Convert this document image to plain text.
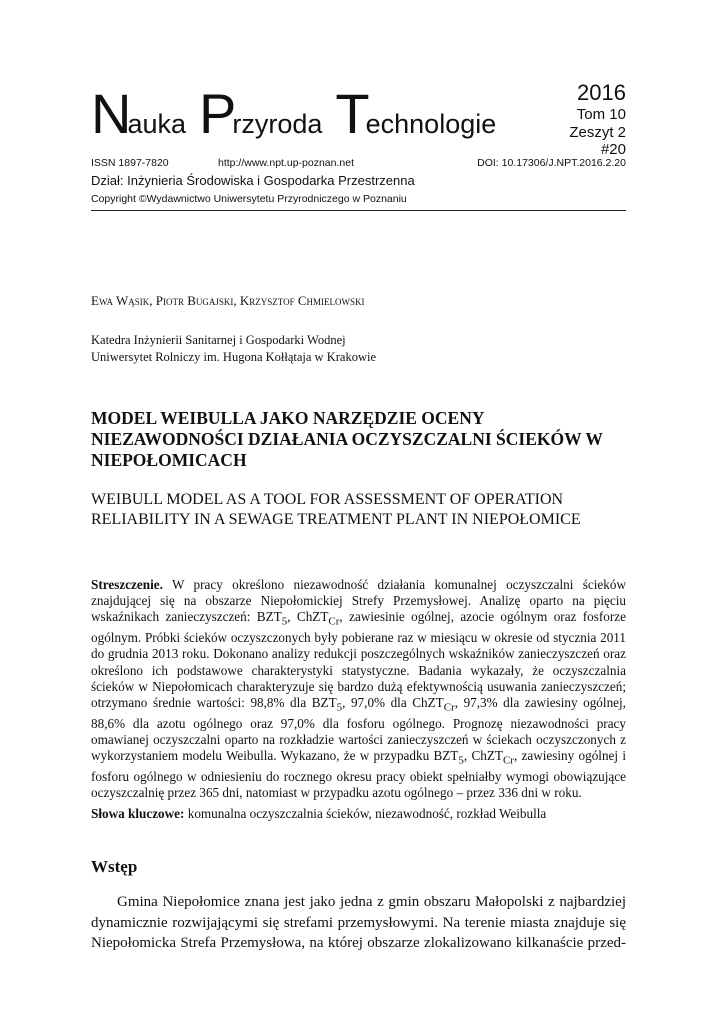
Nauka Przyroda Technologie
2016
Tom 10
Zeszyt 2
#20
ISSN 1897-7820	http://www.npt.up-poznan.net	DOI: 10.17306/J.NPT.2016.2.20
Dział: Inżynieria Środowiska i Gospodarka Przestrzenna
Copyright ©Wydawnictwo Uniwersytetu Przyrodniczego w Poznaniu
Ewa Wąsik, Piotr Bugajski, Krzysztof Chmielowski
Katedra Inżynierii Sanitarnej i Gospodarki Wodnej
Uniwersytet Rolniczy im. Hugona Kołłątaja w Krakowie
MODEL WEIBULLA JAKO NARZĘDZIE OCENY NIEZAWODNOŚCI DZIAŁANIA OCZYSZCZALNI ŚCIEKÓW W NIEPOŁOMICACH
WEIBULL MODEL AS A TOOL FOR ASSESSMENT OF OPERATION RELIABILITY IN A SEWAGE TREATMENT PLANT IN NIEPOŁOMICE
Streszczenie. W pracy określono niezawodność działania komunalnej oczyszczalni ścieków znajdującej się na obszarze Niepołomickiej Strefy Przemysłowej. Analizę oparto na pięciu wskaźnikach zanieczyszczeń: $BZT_5$, ChZT$_{Cr}$, zawiesinie ogólnej, azocie ogólnym oraz fosforze ogólnym. Próbki ścieków oczyszczonych były pobierane raz w miesiącu w okresie od stycznia 2011 do grudnia 2013 roku. Dokonano analizy redukcji poszczególnych wskaźników zanieczyszczeń oraz określono ich podstawowe charakterystyki statystyczne. Badania wykazały, że oczyszczalnia ścieków w Niepołomicach charakteryzuje się bardzo dużą efektywnością usuwania zanieczyszczeń; otrzymano średnie wartości: 98,8% dla $BZT_5$, 97,0% dla ChZT$_{Cr}$, 97,3% dla zawiesiny ogólnej, 88,6% dla azotu ogólnego oraz 97,0% dla fosforu ogólnego. Prognozę niezawodności pracy omawianej oczyszczalni oparto na rozkładzie wartości zanieczyszczeń w ściekach oczyszczonych z wykorzystaniem modelu Weibulla. Wykazano, że w przypadku $BZT_5$, ChZT$_{Cr}$, zawiesiny ogólnej i fosforu ogólnego w odniesieniu do rocznego okresu pracy obiekt spełniałby wymogi obowiązujące oczyszczalnię przez 365 dni, natomiast w przypadku azotu ogólnego – przez 336 dni w roku.
Słowa kluczowe: komunalna oczyszczalnia ścieków, niezawodność, rozkład Weibulla
Wstęp
Gmina Niepołomice znana jest jako jedna z gmin obszaru Małopolski z najbardziej dynamicznie rozwijającymi się strefami przemysłowymi. Na terenie miasta znajduje się Niepołomicka Strefa Przemysłowa, na której obszarze zlokalizowano kilkanaście przed-
